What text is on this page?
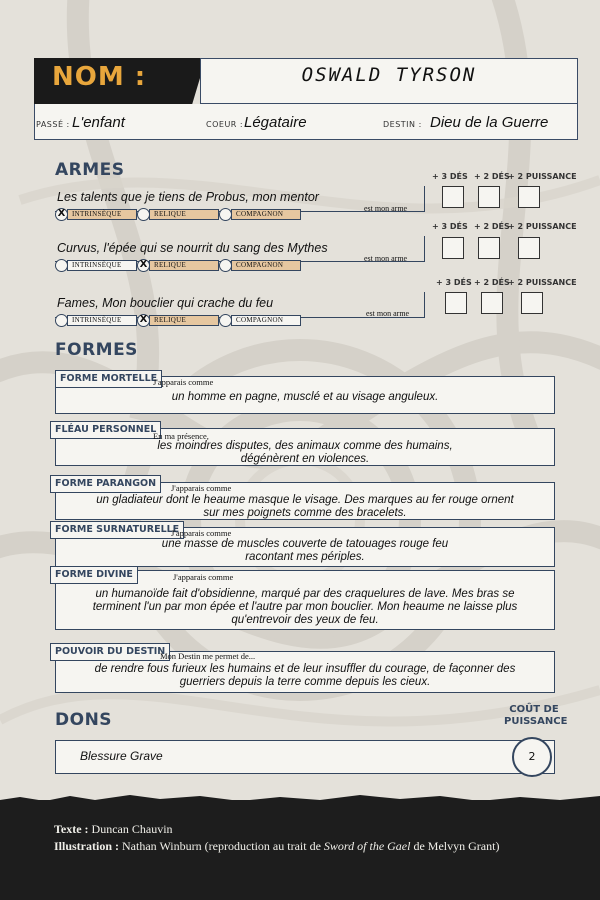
NOM :	OSWALD TYRSON
PASSÉ : L'enfant	COEUR : Légataire	DESTIN : Dieu de la Guerre
ARMES
Les talents que je tiens de Probus, mon mentor
est mon arme
X INTRINSÈQUE	RELIQUE	COMPAGNON
Curvus, l'épée qui se nourrit du sang des Mythes
est mon arme
INTRINSÈQUE	X RELIQUE	COMPAGNON
Fames, Mon bouclier qui crache du feu
est mon arme
INTRINSÈQUE	X RELIQUE	COMPAGNON
+ 3 DÉS + 2 DÉS
+ 2 PUISSANCE
+ 3 DÉS + 2 DÉS
+ 2 PUISSANCE
+ 3 DÉS + 2 DÉS
+ 2 PUISSANCE
FORMES
FORME MORTELLE
J'apparais comme
un homme en pagne, musclé et au visage anguleux.
FLÉAU PERSONNEL
En ma présence,
les moindres disputes, des animaux comme des humains,
dégénèrent en violences.
FORME PARANGON	J'apparais comme
un gladiateur dont le heaume masque le visage. Des marques au fer rouge ornent
sur mes poignets comme des bracelets.
FORME SURNATURELLE
J'apparais comme
une masse de muscles couverte de tatouages rouge feu
racontant mes périples.
FORME DIVINE	J'apparais comme
un humanoïde fait d'obsidienne, marqué par des craquelures de lave. Mes bras se
terminent l'un par mon épée et l'autre par mon bouclier. Mon heaume ne laisse plus
qu'entrevoir des yeux de feu.
POUVOIR DU DESTIN
Mon Destin me permet de...
de rendre fous furieux les humains et de leur insuffler du courage, de façonner des
guerriers depuis la terre comme depuis les cieux.
DONS
COÛT DE
PUISSANCE
Blessure Grave	2
Texte : Duncan Chauvin
Illustration : Nathan Winburn (reproduction au trait de Sword of the Gael de Melvyn Grant)
